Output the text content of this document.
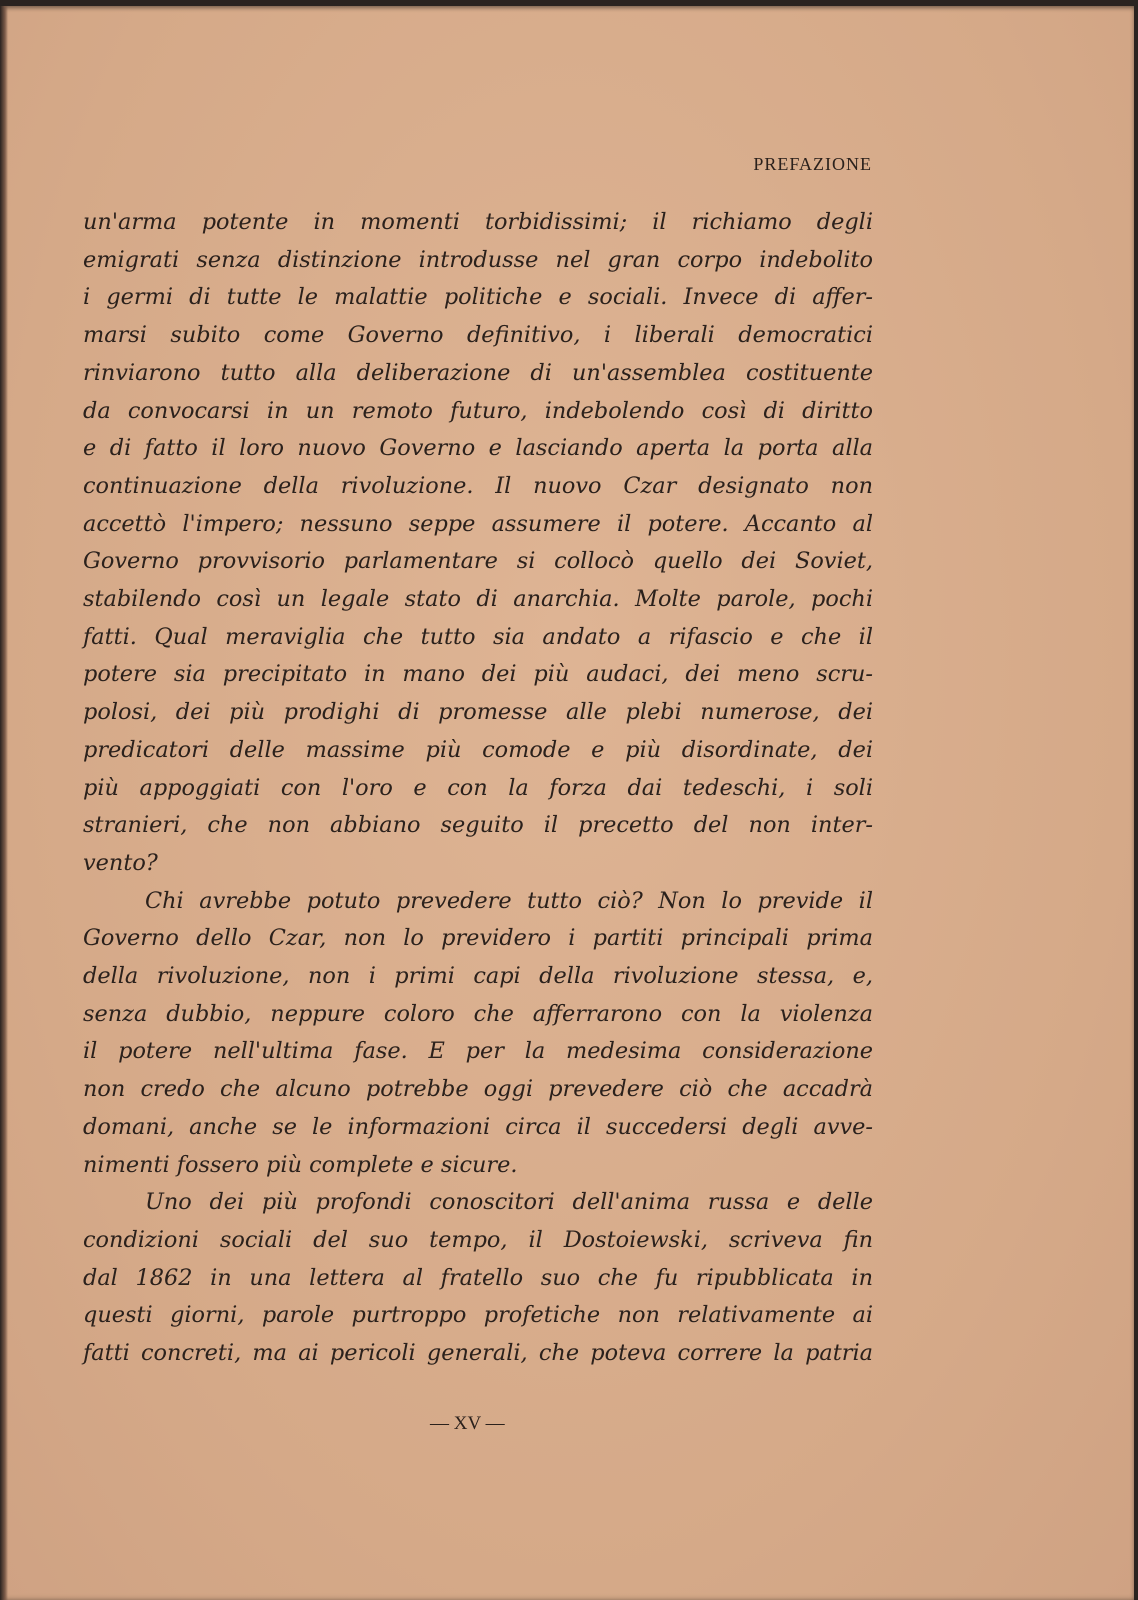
PREFAZIONE
un'arma potente in momenti torbidissimi; il richiamo degli
emigrati senza distinzione introdusse nel gran corpo indebolito
i germi di tutte le malattie politiche e sociali. Invece di affer-
marsi subito come Governo definitivo, i liberali democratici
rinviarono tutto alla deliberazione di un'assemblea costituente
da convocarsi in un remoto futuro, indebolendo così di diritto
e di fatto il loro nuovo Governo e lasciando aperta la porta alla
continuazione della rivoluzione. Il nuovo Czar designato non
accettò l'impero; nessuno seppe assumere il potere. Accanto al
Governo provvisorio parlamentare si collocò quello dei Soviet,
stabilendo così un legale stato di anarchia. Molte parole, pochi
fatti. Qual meraviglia che tutto sia andato a rifascio e che il
potere sia precipitato in mano dei più audaci, dei meno scru-
polosi, dei più prodighi di promesse alle plebi numerose, dei
predicatori delle massime più comode e più disordinate, dei
più appoggiati con l'oro e con la forza dai tedeschi, i soli
stranieri, che non abbiano seguito il precetto del non inter-
vento?
Chi avrebbe potuto prevedere tutto ciò? Non lo previde il
Governo dello Czar, non lo previdero i partiti principali prima
della rivoluzione, non i primi capi della rivoluzione stessa, e,
senza dubbio, neppure coloro che afferrarono con la violenza
il potere nell'ultima fase. E per la medesima considerazione
non credo che alcuno potrebbe oggi prevedere ciò che accadrà
domani, anche se le informazioni circa il succedersi degli avve-
nimenti fossero più complete e sicure.
Uno dei più profondi conoscitori dell'anima russa e delle
condizioni sociali del suo tempo, il Dostoiewski, scriveva fin
dal 1862 in una lettera al fratello suo che fu ripubblicata in
questi giorni, parole purtroppo profetiche non relativamente ai
fatti concreti, ma ai pericoli generali, che poteva correre la patria
— XV —
